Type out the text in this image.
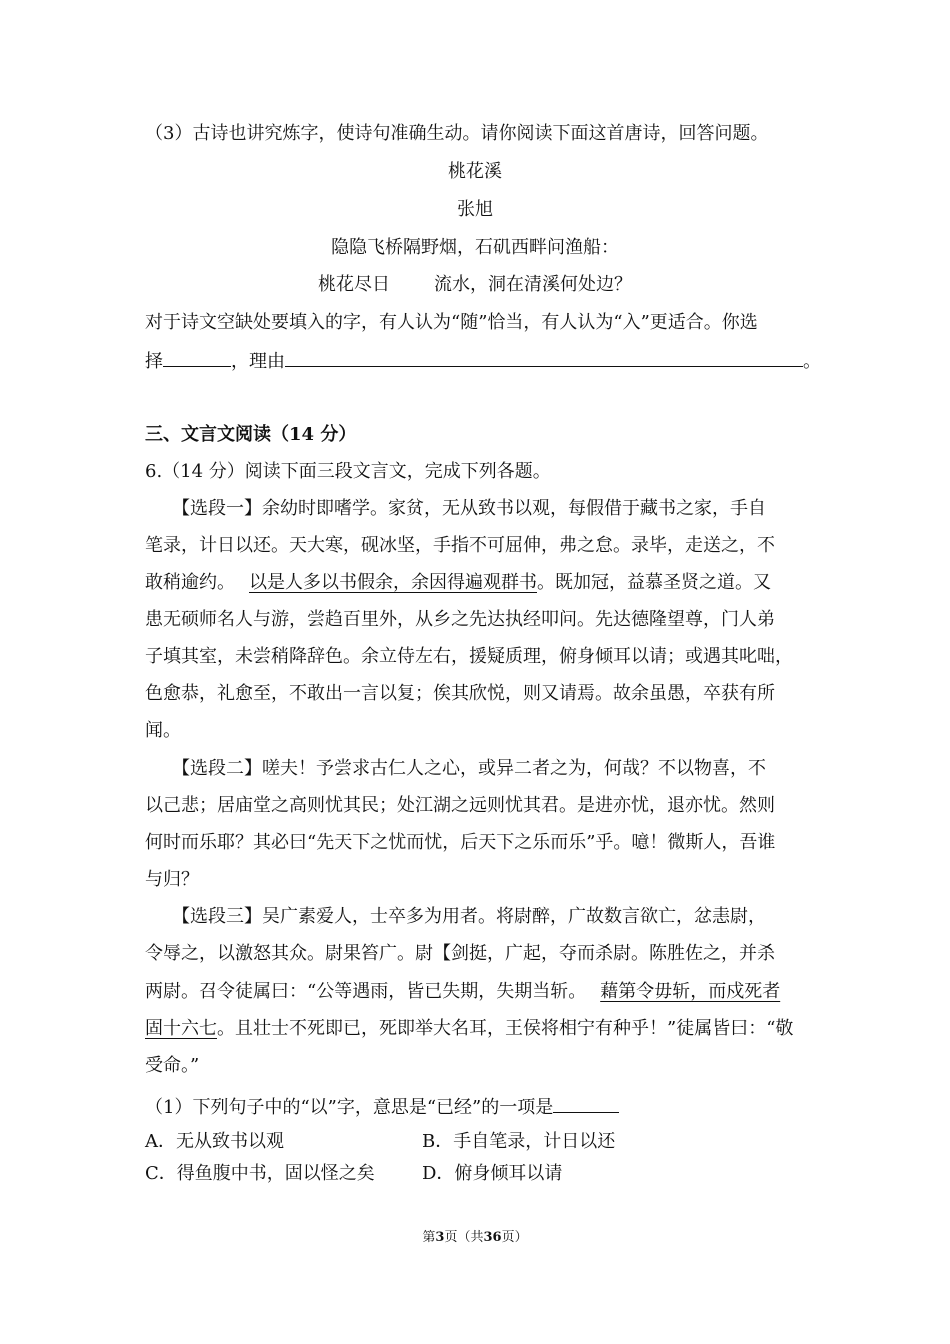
（3）古诗也讲究炼字，使诗句准确生动。请你阅读下面这首唐诗，回答问题。
桃花溪
张旭
隐隐飞桥隔野烟，石矶西畔问渔船：
桃花尽日 流水，洞在清溪何处边？
对于诗文空缺处要填入的字，有人认为“随”恰当，有人认为“入”更适合。你选
择	，理由	。
三、文言文阅读（14 分）
6.（14 分）阅读下面三段文言文，完成下列各题。
【选段一】余幼时即嗜学。家贫，无从致书以观，每假借于藏书之家，手自
笔录，计日以还。天大寒，砚冰坚，手指不可屈伸，弗之怠。录毕，走送之，不
敢稍逾约。 以是人多以书假余，余因得遍观群书。既加冠，益慕圣贤之道。又
患无硕师名人与游，尝趋百里外，从乡之先达执经叩问。先达德隆望尊，门人弟
子填其室，未尝稍降辞色。余立侍左右，援疑质理，俯身倾耳以请；或遇其叱咄，
色愈恭，礼愈至，不敢出一言以复；俟其欣悦，则又请焉。故余虽愚，卒获有所
闻。
【选段二】嗟夫！予尝求古仁人之心，或异二者之为，何哉？不以物喜，不
以己悲；居庙堂之高则忧其民；处江湖之远则忧其君。是进亦忧，退亦忧。然则
何时而乐耶？其必曰“先天下之忧而忧，后天下之乐而乐”乎。噫！微斯人，吾谁
与归？
【选段三】吴广素爱人，士卒多为用者。将尉醉，广故数言欲亡，忿恚尉，
令辱之，以激怒其众。尉果笞广。尉【剑挺，广起，夺而杀尉。陈胜佐之，并杀
两尉。召令徒属曰：“公等遇雨，皆已失期，失期当斩。 藉第令毋斩，而戍死者
固十六七。且壮士不死即已，死即举大名耳，王侯将相宁有种乎！”徒属皆曰：“敬
受命。”
（1）下列句子中的“以”字，意思是“已经”的一项是
A．无从致书以观	B．手自笔录，计日以还
C．得鱼腹中书，固以怪之矣	D．俯身倾耳以请
第3页（共36页）
